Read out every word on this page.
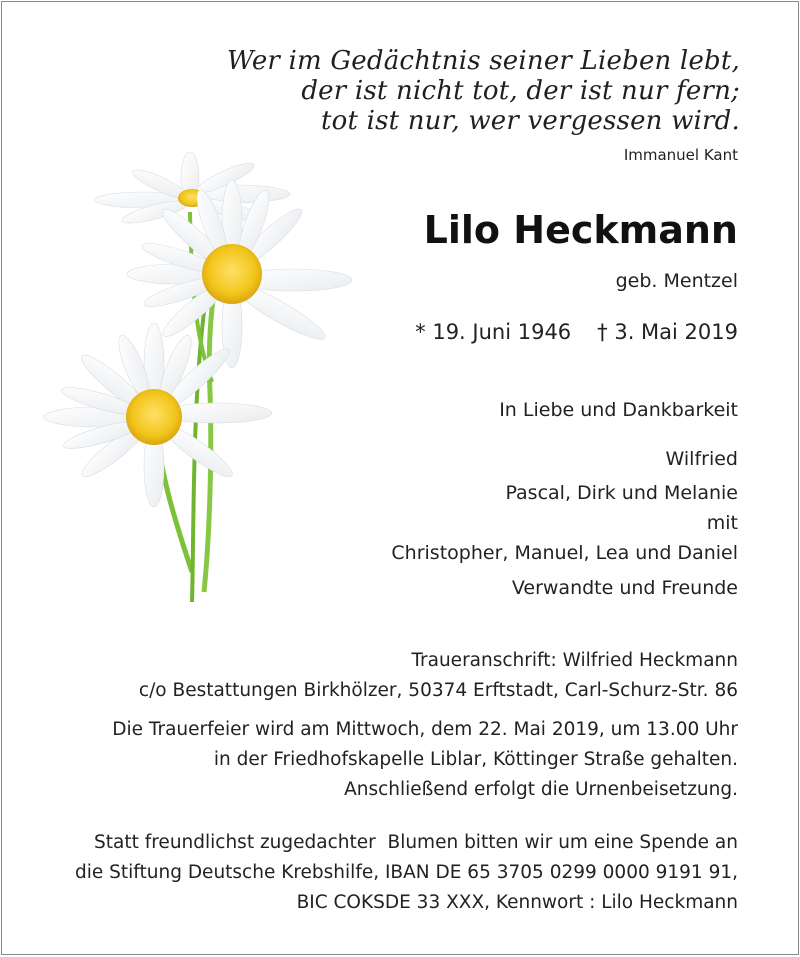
Wer im Gedächtnis seiner Lieben lebt,
der ist nicht tot, der ist nur fern;
tot ist nur, wer vergessen wird.
Immanuel Kant
Lilo Heckmann
geb. Mentzel
* 19. Juni 1946 † 3. Mai 2019
In Liebe und Dankbarkeit
Wilfried
Pascal, Dirk und Melanie
mit
Christopher, Manuel, Lea und Daniel
Verwandte und Freunde
Traueranschrift: Wilfried Heckmann
c/o Bestattungen Birkhölzer, 50374 Erftstadt, Carl-Schurz-Str. 86
Die Trauerfeier wird am Mittwoch, dem 22. Mai 2019, um 13.00 Uhr
in der Friedhofskapelle Liblar, Köttinger Straße gehalten.
Anschließend erfolgt die Urnenbeisetzung.
Statt freundlichst zugedachter  Blumen bitten wir um eine Spende an
die Stiftung Deutsche Krebshilfe, IBAN DE 65 3705 0299 0000 9191 91,
BIC COKSDE 33 XXX, Kennwort : Lilo Heckmann
